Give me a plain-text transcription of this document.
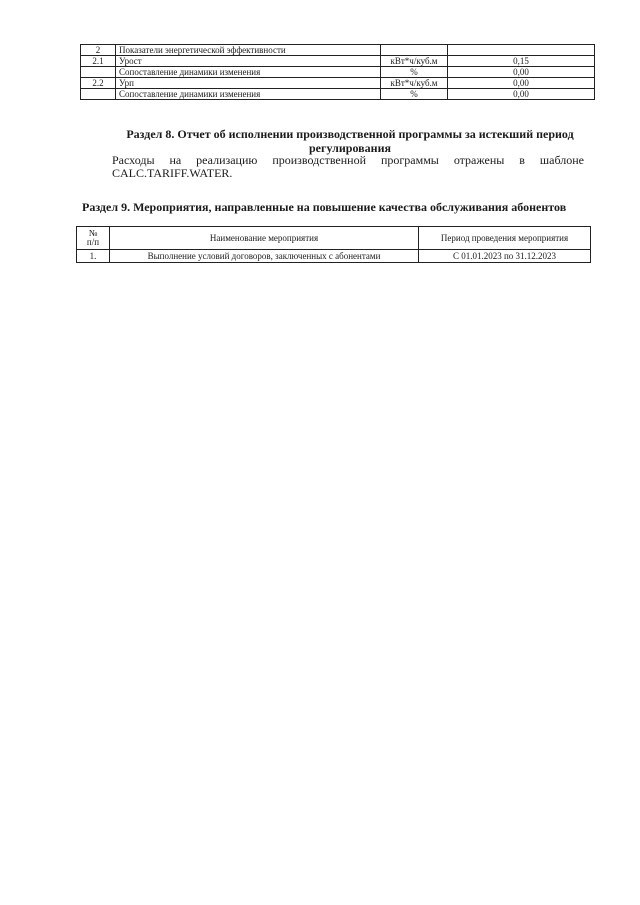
2	Показатели энергетической эффективности		
2.1	Урост	кВт*ч/куб.м	0,15
	Сопоставление динамики изменения	%	0,00
2.2	Урп	кВт*ч/куб.м	0,00
	Сопоставление динамики изменения	%	0,00
Раздел 8. Отчет об исполнении производственной программы за истекший период
регулирования
Расходы на реализацию производственной программы отражены в шаблоне
CALC.TARIFF.WATER.
Раздел 9. Мероприятия, направленные на повышение качества обслуживания абонентов
№
п/п	Наименование мероприятия	Период проведения мероприятия
1.	Выполнение условий договоров, заключенных с абонентами	С 01.01.2023 по 31.12.2023
